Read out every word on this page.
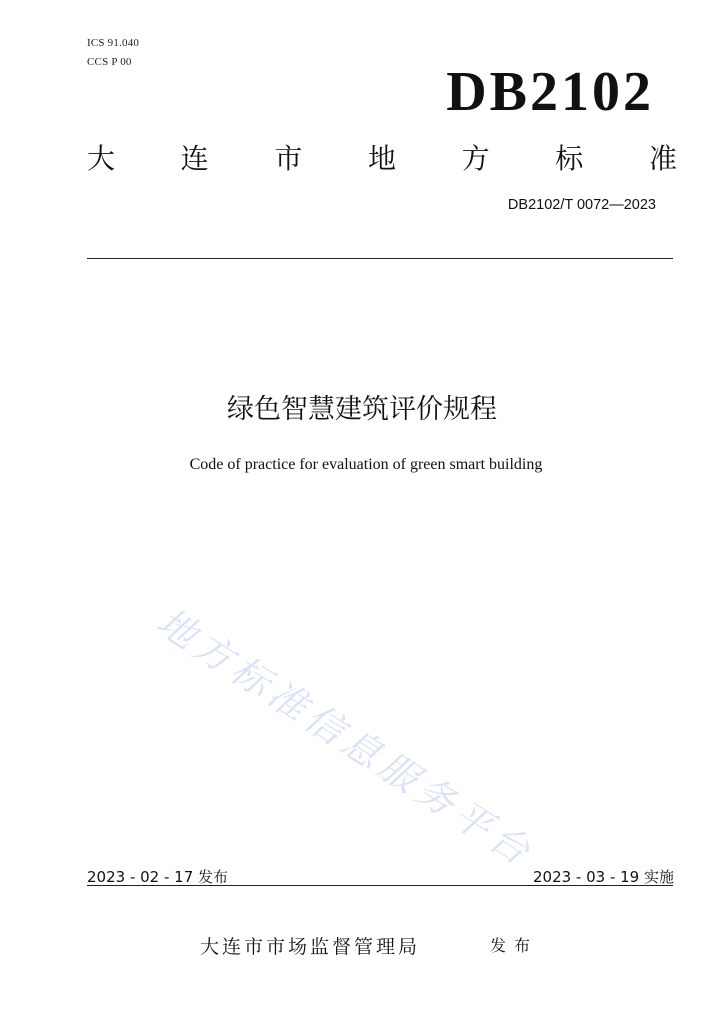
ICS 91.040
CCS P 00	DB2102
大 连 市 地 方 标 准
DB2102/T 0072—2023
绿色智慧建筑评价规程
Code of practice for evaluation of green smart building
地方标准信息服务平台
2023 - 02 - 17 发布	2023 - 03 - 19 实施
大连市市场监督管理局	发布
